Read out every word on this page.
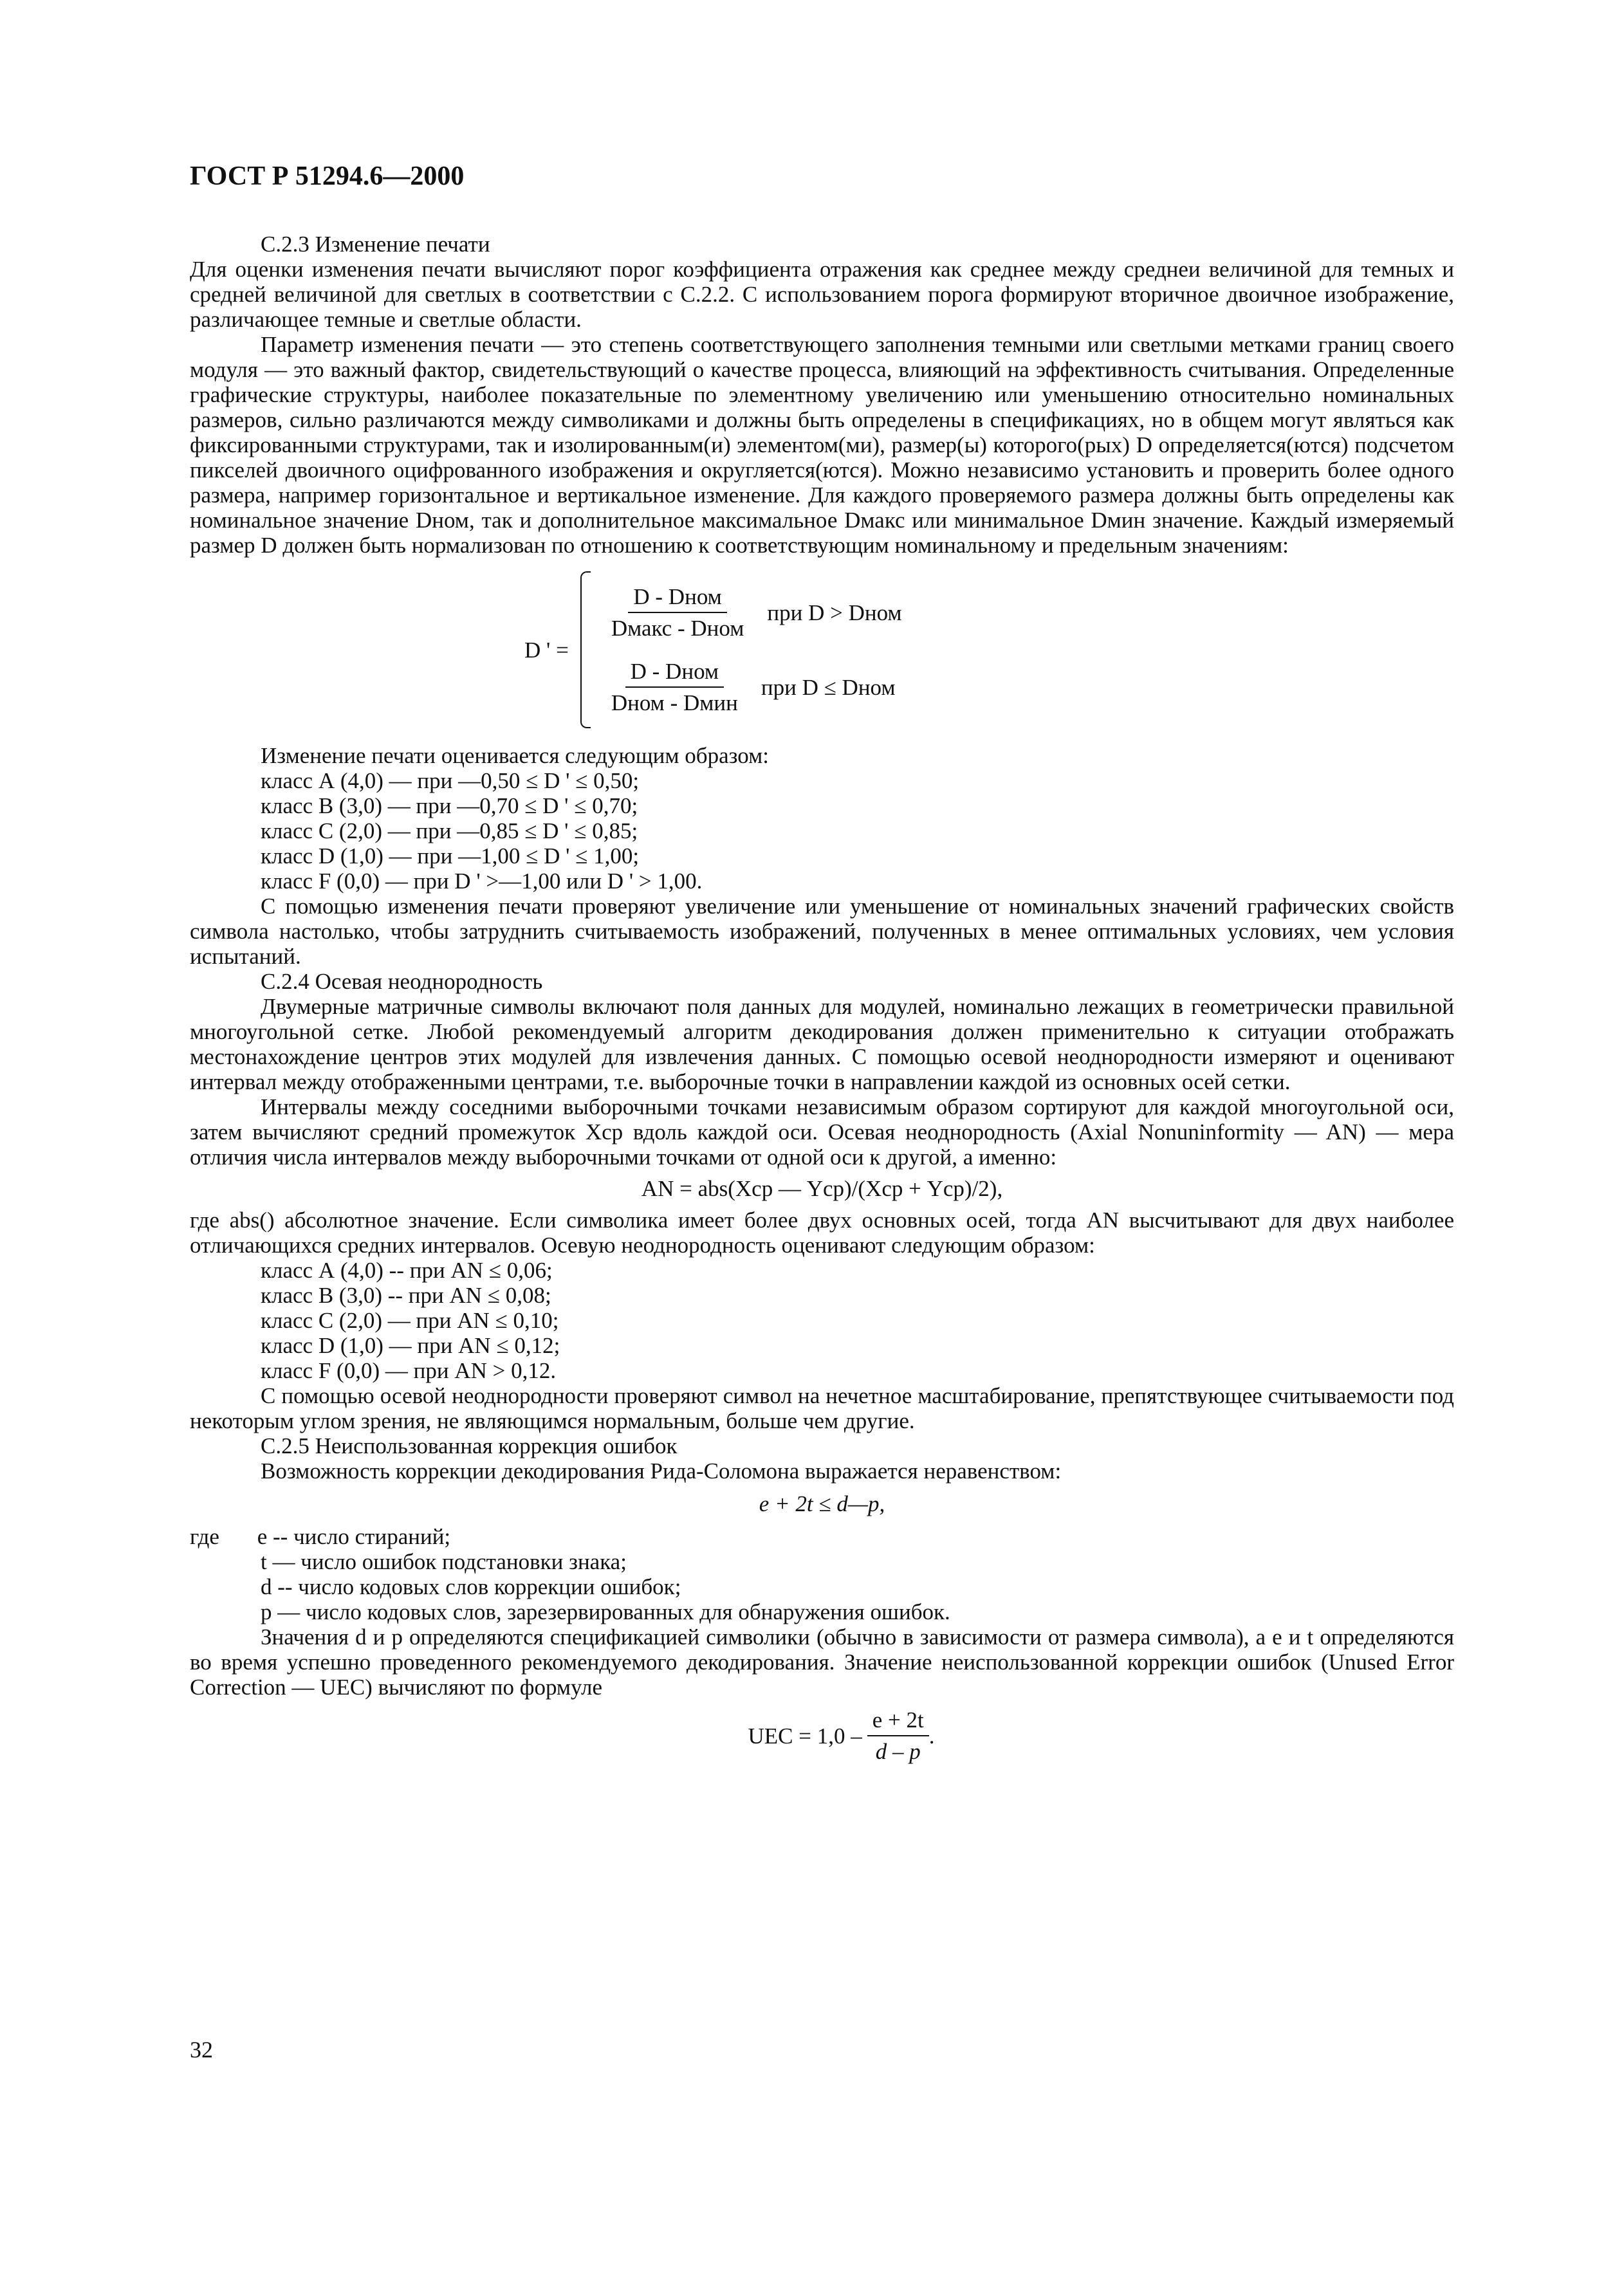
ГОСТ Р 51294.6—2000

С.2.3 Изменение печати

Для оценки изменения печати вычисляют порог коэффициента отражения как среднее между среднеи величиной для темных и средней величиной для светлых в соответствии с С.2.2. С использованием порога формируют вторичное двоичное изображение, различающее темные и светлые области.

Параметр изменения печати — это степень соответствующего заполнения темными или светлыми метками границ своего модуля — это важный фактор, свидетельствующий о качестве процесса, влияющий на эффективность считывания. Определенные графические структуры, наиболее показательные по элементному увеличению или уменьшению относительно номинальных размеров, сильно различаются между символиками и должны быть определены в спецификациях, но в общем могут являться как фиксированными структурами, так и изолированным(и) элементом(ми), размер(ы) которого(рых) D определяется(ются) подсчетом пикселей двоичного оцифрованного изображения и округляется(ются). Можно независимо установить и проверить более одного размера, например горизонтальное и вертикальное изменение. Для каждого проверяемого размера должны быть определены как номинальное значение Dном, так и дополнительное максимальное Dмакс или минимальное Dмин значение. Каждый измеряемый размер D должен быть нормализован по отношению к соответствующим номинальному и предельным значениям:

D ' =
$\frac{\text{D - Dном}}{\text{Dмакс - Dном}}$ при D > Dном
$\frac{\text{D - Dном}}{\text{Dном - Dмин}}$ при D ≤ Dном

Изменение печати оценивается следующим образом:

класс А (4,0) — при —0,50 ≤ D ' ≤ 0,50;

класс В (3,0) — при —0,70 ≤ D ' ≤ 0,70;

класс С (2,0) — при —0,85 ≤ D ' ≤ 0,85;

класс D (1,0) — при —1,00 ≤ D ' ≤ 1,00;

класс F (0,0) — при D ' >—1,00 или D ' > 1,00.

С помощью изменения печати проверяют увеличение или уменьшение от номинальных значений графических свойств символа настолько, чтобы затруднить считываемость изображений, полученных в менее оптимальных условиях, чем условия испытаний.

С.2.4 Осевая неоднородность

Двумерные матричные символы включают поля данных для модулей, номинально лежащих в геометрически правильной многоугольной сетке. Любой рекомендуемый алгоритм декодирования должен применительно к ситуации отображать местонахождение центров этих модулей для извлечения данных. С помощью осевой неоднородности измеряют и оценивают интервал между отображенными центрами, т.е. выборочные точки в направлении каждой из основных осей сетки.

Интервалы между соседними выборочными точками независимым образом сортируют для каждой многоугольной оси, затем вычисляют средний промежуток Xср вдоль каждой оси. Осевая неоднородность (Axial Nonuninformity — AN) — мера отличия числа интервалов между выборочными точками от одной оси к другой, а именно:

AN = abs(Xср — Yср)/(Xср + Yср)/2),

где abs() абсолютное значение. Если символика имеет более двух основных осей, тогда AN высчитывают для двух наиболее отличающихся средних интервалов. Осевую неоднородность оценивают следующим образом:

класс А (4,0) -- при AN ≤ 0,06;

класс В (3,0) -- при AN ≤ 0,08;

класс С (2,0) — при AN ≤ 0,10;

класс D (1,0) — при AN ≤ 0,12;

класс F (0,0) — при AN > 0,12.

С помощью осевой неоднородности проверяют символ на нечетное масштабирование, препятствующее считываемости под некоторым углом зрения, не являющимся нормальным, больше чем другие.

С.2.5 Неиспользованная коррекция ошибок

Возможность коррекции декодирования Рида-Соломона выражается неравенством:

e + 2t ≤ d—p,

где e -- число стираний;

t — число ошибок подстановки знака;

d -- число кодовых слов коррекции ошибок;

p — число кодовых слов, зарезервированных для обнаружения ошибок.

Значения d и p определяются спецификацией символики (обычно в зависимости от размера символа), а e и t определяются во время успешно проведенного рекомендуемого декодирования. Значение неиспользованной коррекции ошибок (Unused Error Correction — UEC) вычисляют по формуле

UEC = $1,0 - \frac{e + 2t}{d - p}$ .
32
